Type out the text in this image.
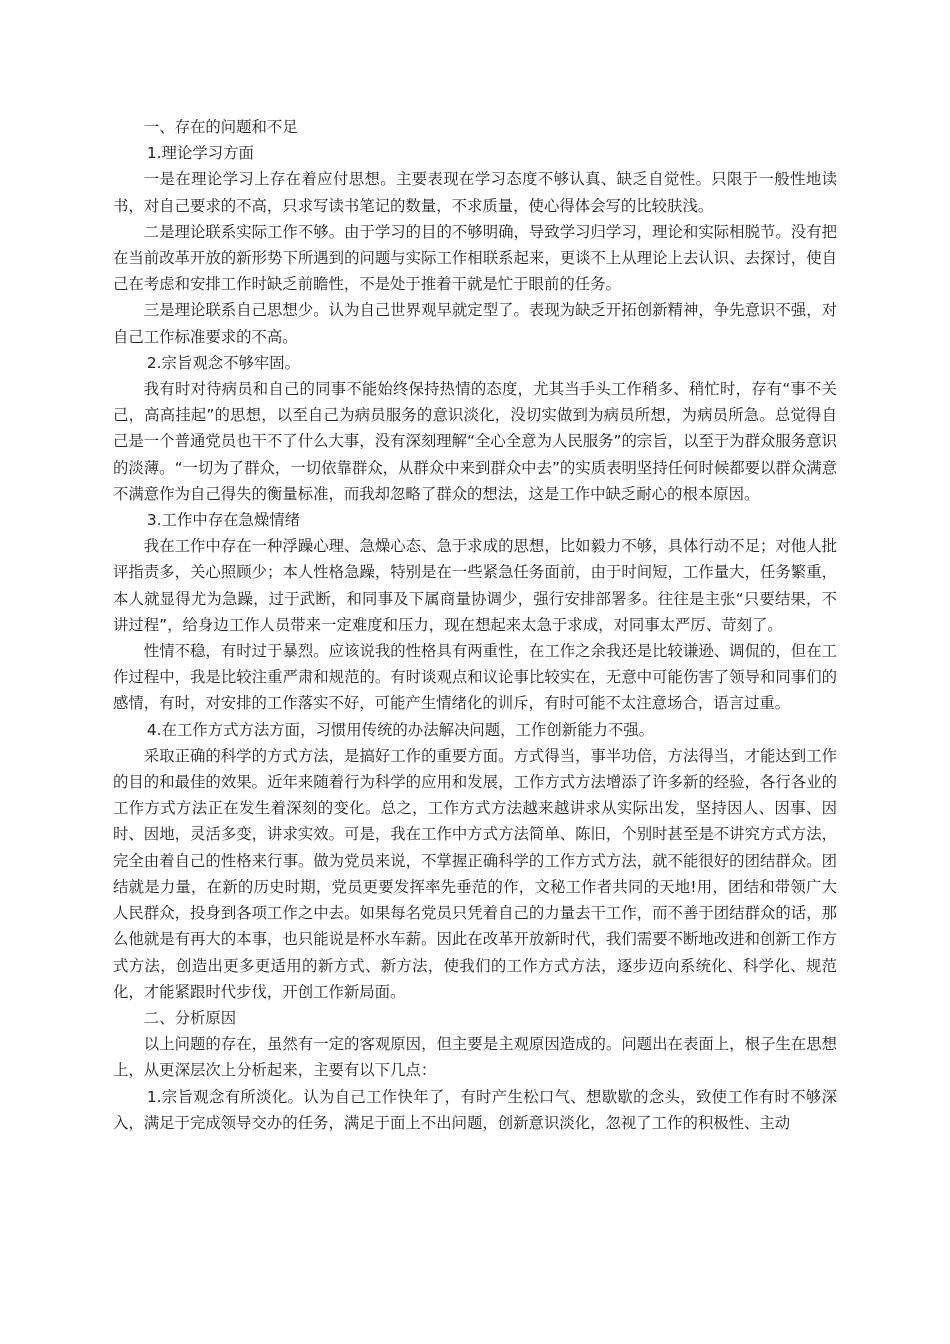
一、存在的问题和不足

1.理论学习方面

一是在理论学习上存在着应付思想。主要表现在学习态度不够认真、缺乏自觉性。只限于一般性地读书，对自己要求的不高，只求写读书笔记的数量，不求质量，使心得体会写的比较肤浅。

二是理论联系实际工作不够。由于学习的目的不够明确，导致学习归学习，理论和实际相脱节。没有把在当前改革开放的新形势下所遇到的问题与实际工作相联系起来，更谈不上从理论上去认识、去探讨，使自己在考虑和安排工作时缺乏前瞻性，不是处于推着干就是忙于眼前的任务。

三是理论联系自己思想少。认为自己世界观早就定型了。表现为缺乏开拓创新精神，争先意识不强，对自己工作标准要求的不高。

2.宗旨观念不够牢固。

我有时对待病员和自己的同事不能始终保持热情的态度，尤其当手头工作稍多、稍忙时，存有“事不关己，高高挂起”的思想，以至自己为病员服务的意识淡化，没切实做到为病员所想，为病员所急。总觉得自己是一个普通党员也干不了什么大事，没有深刻理解“全心全意为人民服务”的宗旨，以至于为群众服务意识的淡薄。“一切为了群众，一切依靠群众，从群众中来到群众中去”的实质表明坚持任何时候都要以群众满意不满意作为自己得失的衡量标准，而我却忽略了群众的想法，这是工作中缺乏耐心的根本原因。

3.工作中存在急燥情绪

我在工作中存在一种浮躁心理、急燥心态、急于求成的思想，比如毅力不够，具体行动不足；对他人批评指责多，关心照顾少；本人性格急躁，特别是在一些紧急任务面前，由于时间短，工作量大，任务繁重，本人就显得尤为急躁，过于武断，和同事及下属商量协调少，强行安排部署多。往往是主张“只要结果，不讲过程”，给身边工作人员带来一定难度和压力，现在想起来太急于求成，对同事太严厉、苛刻了。

性情不稳，有时过于暴烈。应该说我的性格具有两重性，在工作之余我还是比较谦逊、调侃的，但在工作过程中，我是比较注重严肃和规范的。有时谈观点和议论事比较实在，无意中可能伤害了领导和同事们的感情，有时，对安排的工作落实不好，可能产生情绪化的训斥，有时可能不太注意场合，语言过重。

4.在工作方式方法方面，习惯用传统的办法解决问题，工作创新能力不强。

采取正确的科学的方式方法，是搞好工作的重要方面。方式得当，事半功倍，方法得当，才能达到工作的目的和最佳的效果。近年来随着行为科学的应用和发展，工作方式方法增添了许多新的经验，各行各业的工作方式方法正在发生着深刻的变化。总之，工作方式方法越来越讲求从实际出发，坚持因人、因事、因时、因地，灵活多变，讲求实效。可是，我在工作中方式方法简单、陈旧，个别时甚至是不讲究方式方法，完全由着自己的性格来行事。做为党员来说，不掌握正确科学的工作方式方法，就不能很好的团结群众。团结就是力量，在新的历史时期，党员更要发挥率先垂范的作，文秘工作者共同的天地!用，团结和带领广大人民群众，投身到各项工作之中去。如果每名党员只凭着自己的力量去干工作，而不善于团结群众的话，那么他就是有再大的本事，也只能说是杯水车薪。因此在改革开放新时代，我们需要不断地改进和创新工作方式方法，创造出更多更适用的新方式、新方法，使我们的工作方式方法，逐步迈向系统化、科学化、规范化，才能紧跟时代步伐，开创工作新局面。

二、分析原因

以上问题的存在，虽然有一定的客观原因，但主要是主观原因造成的。问题出在表面上，根子生在思想上，从更深层次上分析起来，主要有以下几点：

1.宗旨观念有所淡化。认为自己工作快年了，有时产生松口气、想歇歇的念头，致使工作有时不够深入，满足于完成领导交办的任务，满足于面上不出问题，创新意识淡化，忽视了工作的积极性、主动
